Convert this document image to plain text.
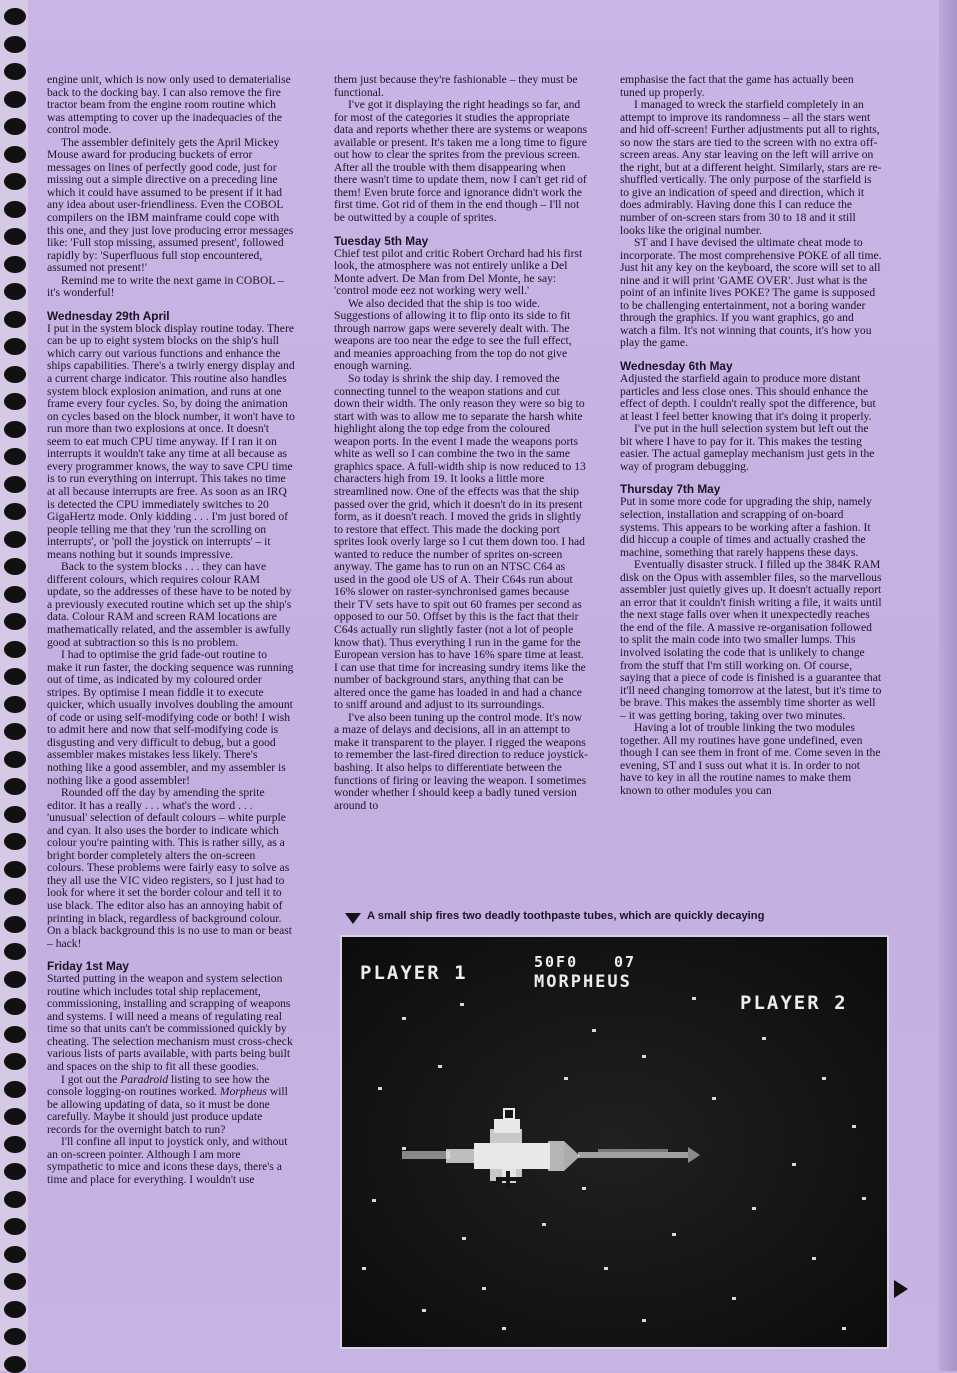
engine unit, which is now only used to dematerialise back to the docking bay. I can also remove the fire tractor beam from the engine room routine which was attempting to cover up the inadequacies of the control mode.

The assembler definitely gets the April Mickey Mouse award for producing buckets of error messages on lines of perfectly good code, just for missing out a simple directive on a preceding line which it could have assumed to be present if it had any idea about user-friendliness. Even the COBOL compilers on the IBM mainframe could cope with this one, and they just love producing error messages like: 'Full stop missing, assumed present', followed rapidly by: 'Superfluous full stop encountered, assumed not present!'

Remind me to write the next game in COBOL – it's wonderful!

Wednesday 29th April

I put in the system block display routine today. There can be up to eight system blocks on the ship's hull which carry out various functions and enhance the ships capabilities. There's a twirly energy display and a current charge indicator. This routine also handles system block explosion animation, and runs at one frame every four cycles. So, by doing the animation on cycles based on the block number, it won't have to run more than two explosions at once. It doesn't seem to eat much CPU time anyway. If I ran it on interrupts it wouldn't take any time at all because as every programmer knows, the way to save CPU time is to run everything on interrupt. This takes no time at all because interrupts are free. As soon as an IRQ is detected the CPU immediately switches to 20 GigaHertz mode. Only kidding . . . I'm just bored of people telling me that they 'run the scrolling on interrupts', or 'poll the joystick on interrupts' – it means nothing but it sounds impressive.

Back to the system blocks . . . they can have different colours, which requires colour RAM update, so the addresses of these have to be noted by a previously executed routine which set up the ship's data. Colour RAM and screen RAM locations are mathematically related, and the assembler is awfully good at subtraction so this is no problem.

I had to optimise the grid fade-out routine to make it run faster, the docking sequence was running out of time, as indicated by my coloured order stripes. By optimise I mean fiddle it to execute quicker, which usually involves doubling the amount of code or using self-modifying code or both! I wish to admit here and now that self-modifying code is disgusting and very difficult to debug, but a good assembler makes mistakes less likely. There's nothing like a good assembler, and my assembler is nothing like a good assembler!

Rounded off the day by amending the sprite editor. It has a really . . . what's the word . . . 'unusual' selection of default colours – white purple and cyan. It also uses the border to indicate which colour you're painting with. This is rather silly, as a bright border completely alters the on-screen colours. These problems were fairly easy to solve as they all use the VIC video registers, so I just had to look for where it set the border colour and tell it to use black. The editor also has an annoying habit of printing in black, regardless of background colour. On a black background this is no use to man or beast – hack!

Friday 1st May

Started putting in the weapon and system selection routine which includes total ship replacement, commissioning, installing and scrapping of weapons and systems. I will need a means of regulating real time so that units can't be commissioned quickly by cheating. The selection mechanism must cross-check various lists of parts available, with parts being built and spaces on the ship to fit all these goodies.

I got out the Paradroid listing to see how the console logging-on routines worked. Morpheus will be allowing updating of data, so it must be done carefully. Maybe it should just produce update records for the overnight batch to run?

I'll confine all input to joystick only, and without an on-screen pointer. Although I am more sympathetic to mice and icons these days, there's a time and place for everything. I wouldn't use

them just because they're fashionable – they must be functional.

I've got it displaying the right headings so far, and for most of the categories it studies the appropriate data and reports whether there are systems or weapons available or present. It's taken me a long time to figure out how to clear the sprites from the previous screen. After all the trouble with them disappearing when there wasn't time to update them, now I can't get rid of them! Even brute force and ignorance didn't work the first time. Got rid of them in the end though – I'll not be outwitted by a couple of sprites.

Tuesday 5th May

Chief test pilot and critic Robert Orchard had his first look, the atmosphere was not entirely unlike a Del Monte advert. De Man from Del Monte, he say: 'control mode eez not working wery well.'

We also decided that the ship is too wide. Suggestions of allowing it to flip onto its side to fit through narrow gaps were severely dealt with. The weapons are too near the edge to see the full effect, and meanies approaching from the top do not give enough warning.

So today is shrink the ship day. I removed the connecting tunnel to the weapon stations and cut down their width. The only reason they were so big to start with was to allow me to separate the harsh white highlight along the top edge from the coloured weapon ports. In the event I made the weapons ports white as well so I can combine the two in the same graphics space. A full-width ship is now reduced to 13 characters high from 19. It looks a little more streamlined now. One of the effects was that the ship passed over the grid, which it doesn't do in its present form, as it doesn't reach. I moved the grids in slightly to restore that effect. This made the docking port sprites look overly large so I cut them down too. I had wanted to reduce the number of sprites on-screen anyway. The game has to run on an NTSC C64 as used in the good ole US of A. Their C64s run about 16% slower on raster-synchronised games because their TV sets have to spit out 60 frames per second as opposed to our 50. Offset by this is the fact that their C64s actually run slightly faster (not a lot of people know that). Thus everything I run in the game for the European version has to have 16% spare time at least. I can use that time for increasing sundry items like the number of background stars, anything that can be altered once the game has loaded in and had a chance to sniff around and adjust to its surroundings.

I've also been tuning up the control mode. It's now a maze of delays and decisions, all in an attempt to make it transparent to the player. I rigged the weapons to remember the last-fired direction to reduce joystick-bashing. It also helps to differentiate between the functions of firing or leaving the weapon. I sometimes wonder whether I should keep a badly tuned version around to

emphasise the fact that the game has actually been tuned up properly.

I managed to wreck the starfield completely in an attempt to improve its randomness – all the stars went and hid off-screen! Further adjustments put all to rights, so now the stars are tied to the screen with no extra off-screen areas. Any star leaving on the left will arrive on the right, but at a different height. Similarly, stars are re-shuffled vertically. The only purpose of the starfield is to give an indication of speed and direction, which it does admirably. Having done this I can reduce the number of on-screen stars from 30 to 18 and it still looks like the original number.

ST and I have devised the ultimate cheat mode to incorporate. The most comprehensive POKE of all time. Just hit any key on the keyboard, the score will set to all nine and it will print 'GAME OVER'. Just what is the point of an infinite lives POKE? The game is supposed to be challenging entertainment, not a boring wander through the graphics. If you want graphics, go and watch a film. It's not winning that counts, it's how you play the game.

Wednesday 6th May

Adjusted the starfield again to produce more distant particles and less close ones. This should enhance the effect of depth. I couldn't really spot the difference, but at least I feel better knowing that it's doing it properly.

I've put in the hull selection system but left out the bit where I have to pay for it. This makes the testing easier. The actual gameplay mechanism just gets in the way of program debugging.

Thursday 7th May

Put in some more code for upgrading the ship, namely selection, installation and scrapping of on-board systems. This appears to be working after a fashion. It did hiccup a couple of times and actually crashed the machine, something that rarely happens these days.

Eventually disaster struck. I filled up the 384K RAM disk on the Opus with assembler files, so the marvellous assembler just quietly gives up. It doesn't actually report an error that it couldn't finish writing a file, it waits until the next stage falls over when it unexpectedly reaches the end of the file. A massive re-organisation followed to split the main code into two smaller lumps. This involved isolating the code that is unlikely to change from the stuff that I'm still working on. Of course, saying that a piece of code is finished is a guarantee that it'll need changing tomorrow at the latest, but it's time to be brave. This makes the assembly time shorter as well – it was getting boring, taking over two minutes.

Having a lot of trouble linking the two modules together. All my routines have gone undefined, even though I can see them in front of me. Come seven in the evening, ST and I suss out what it is. In order to not have to key in all the routine names to make them known to other modules you can

A small ship fires two deadly toothpaste tubes, which are quickly decaying
PLAYER 1	50F0 07
MORPHEUS
PLAYER 2
